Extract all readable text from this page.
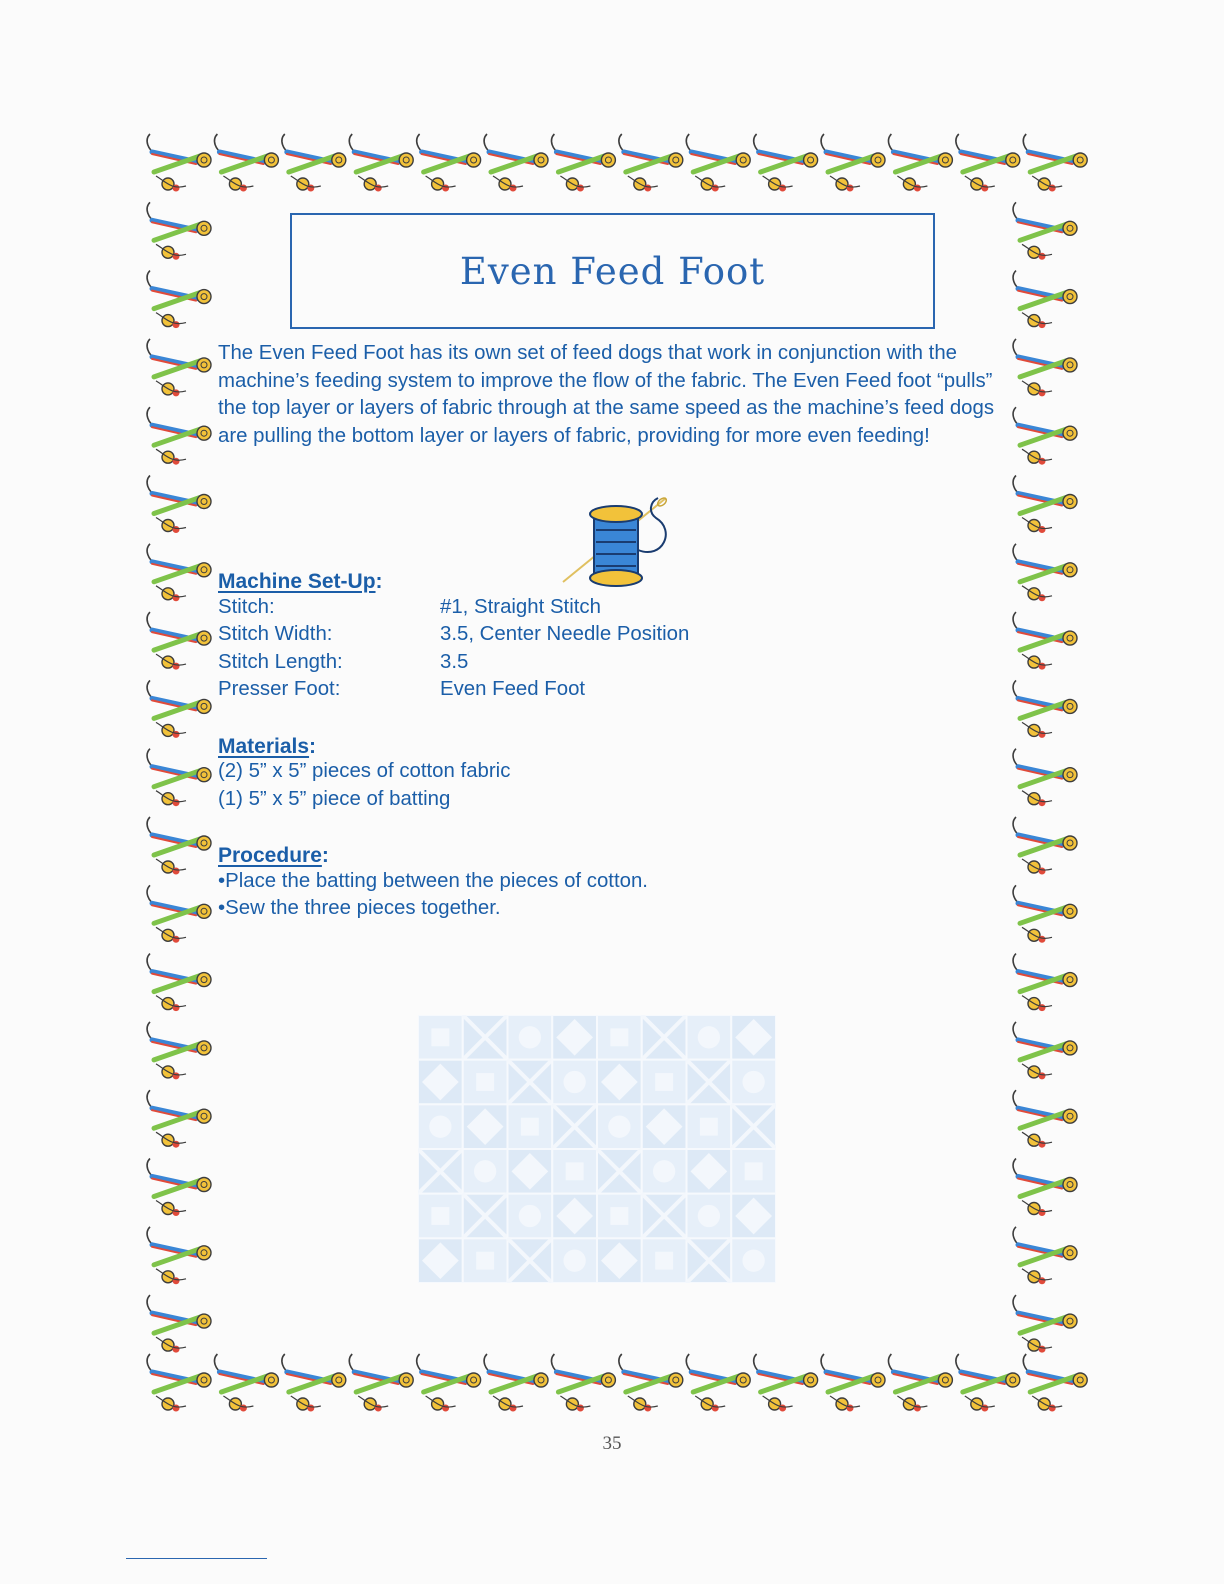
Even Feed Foot

The Even Feed Foot has its own set of feed dogs that work in conjunction with the machine’s feeding system to improve the flow of the fabric. The Even Feed foot “pulls” the top layer or layers of fabric through at the same speed as the machine’s feed dogs are pulling the bottom layer or layers of fabric, providing for more even feeding!

Machine Set-Up:
Stitch:	#1, Straight Stitch
Stitch Width:	3.5, Center Needle Position
Stitch Length:	3.5
Presser Foot:	Even Feed Foot
Materials:
(2) 5” x 5” pieces of cotton fabric
(1) 5” x 5” piece of batting
Procedure:
•Place the batting between the pieces of cotton.
•Sew the three pieces together.
35
